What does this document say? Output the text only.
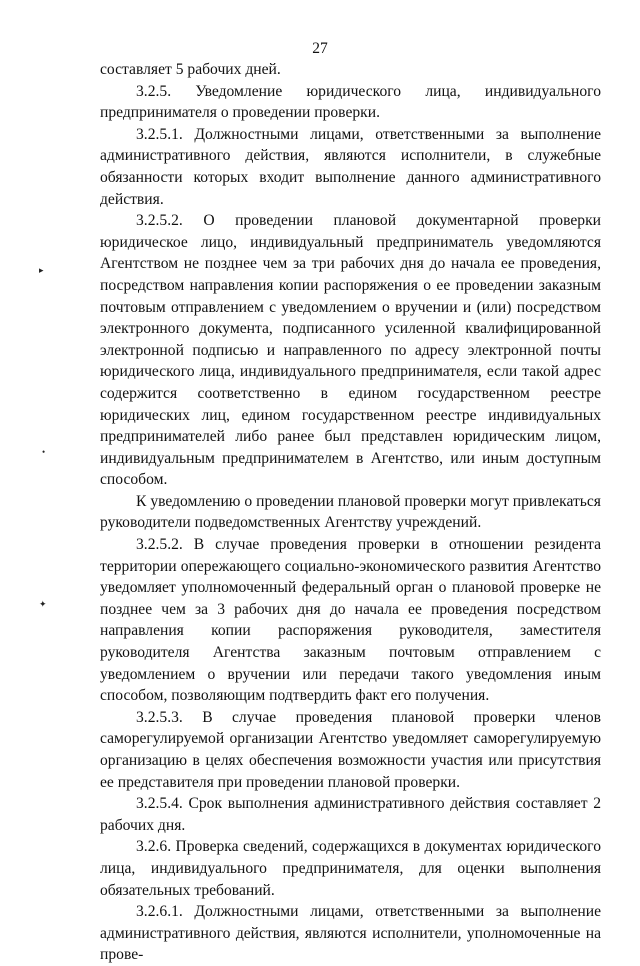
27
▸
•
✦

составляет 5 рабочих дней.

3.2.5. Уведомление юридического лица, индивидуального предпринимателя о проведении проверки.

3.2.5.1. Должностными лицами, ответственными за выполнение административного действия, являются исполнители, в служебные обязанности которых входит выполнение данного административного действия.

3.2.5.2. О проведении плановой документарной проверки юридическое лицо, индивидуальный предприниматель уведомляются Агентством не позднее чем за три рабочих дня до начала ее проведения, посредством направления копии распоряжения о ее проведении заказным почтовым отправлением с уведомлением о вручении и (или) посредством электронного документа, подписанного усиленной квалифицированной электронной подписью и направленного по адресу электронной почты юридического лица, индивидуального предпринимателя, если такой адрес содержится соответственно в едином государственном реестре юридических лиц, едином государственном реестре индивидуальных предпринимателей либо ранее был представлен юридическим лицом, индивидуальным предпринимателем в Агентство, или иным доступным способом.

К уведомлению о проведении плановой проверки могут привлекаться руководители подведомственных Агентству учреждений.

3.2.5.2. В случае проведения проверки в отношении резидента территории опережающего социально-экономического развития Агентство уведомляет уполномоченный федеральный орган о плановой проверке не позднее чем за 3 рабочих дня до начала ее проведения посредством направления копии распоряжения руководителя, заместителя руководителя Агентства заказным почтовым отправлением с уведомлением о вручении или передачи такого уведомления иным способом, позволяющим подтвердить факт его получения.

3.2.5.3. В случае проведения плановой проверки членов саморегулируемой организации Агентство уведомляет саморегулируемую организацию в целях обеспечения возможности участия или присутствия ее представителя при проведении плановой проверки.

3.2.5.4. Срок выполнения административного действия составляет 2 рабочих дня.

3.2.6. Проверка сведений, содержащихся в документах юридического лица, индивидуального предпринимателя, для оценки выполнения обязательных требований.

3.2.6.1. Должностными лицами, ответственными за выполнение административного действия, являются исполнители, уполномоченные на прове-
